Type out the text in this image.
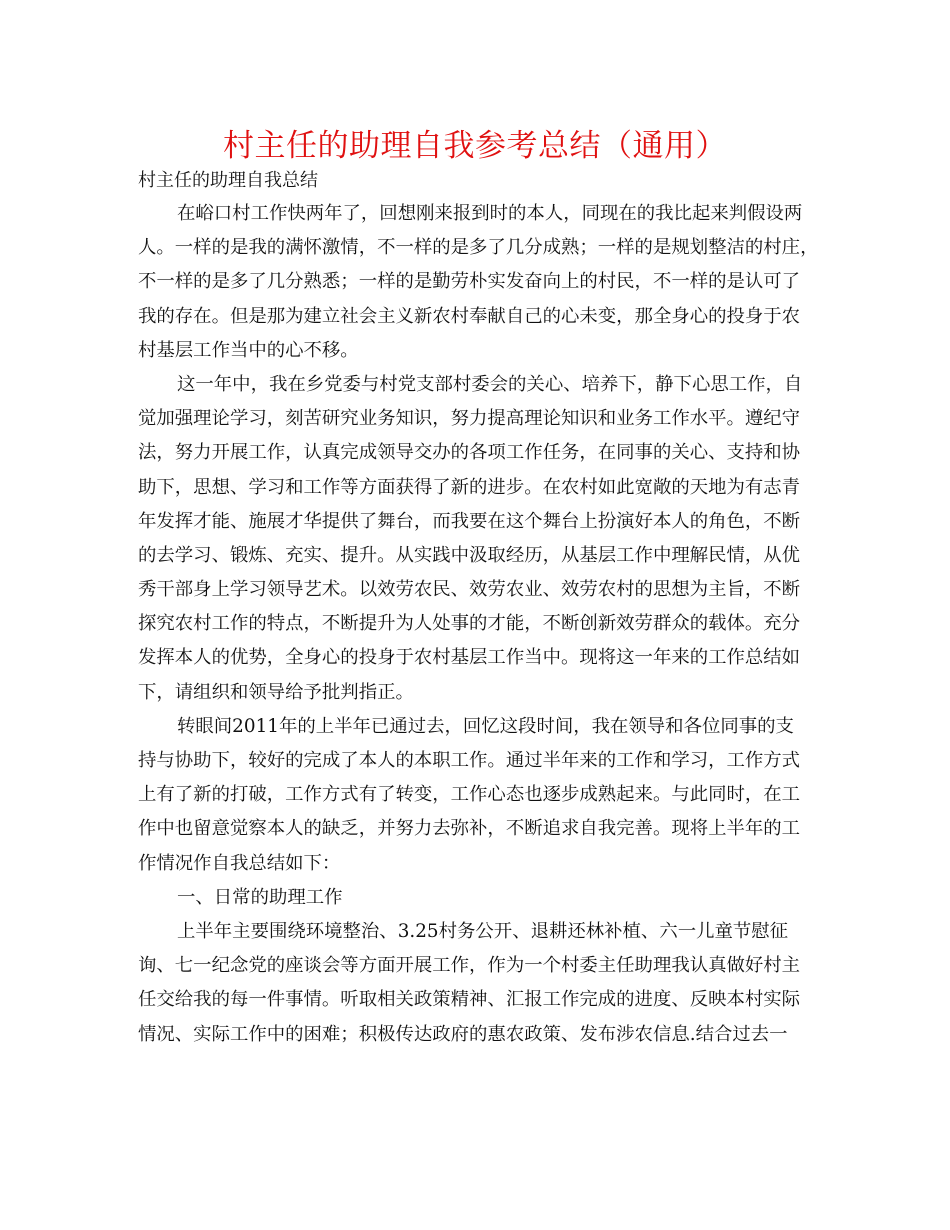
村主任的助理自我参考总结（通用）

村主任的助理自我总结

在峪口村工作快两年了，回想刚来报到时的本人，同现在的我比起来判假设两
人。一样的是我的满怀激情，不一样的是多了几分成熟；一样的是规划整洁的村庄，
不一样的是多了几分熟悉；一样的是勤劳朴实发奋向上的村民，不一样的是认可了
我的存在。但是那为建立社会主义新农村奉献自己的心未变，那全身心的投身于农
村基层工作当中的心不移。

这一年中，我在乡党委与村党支部村委会的关心、培养下，静下心思工作，自
觉加强理论学习，刻苦研究业务知识，努力提高理论知识和业务工作水平。遵纪守
法，努力开展工作，认真完成领导交办的各项工作任务，在同事的关心、支持和协
助下，思想、学习和工作等方面获得了新的进步。在农村如此宽敞的天地为有志青
年发挥才能、施展才华提供了舞台，而我要在这个舞台上扮演好本人的角色，不断
的去学习、锻炼、充实、提升。从实践中汲取经历，从基层工作中理解民情，从优
秀干部身上学习领导艺术。以效劳农民、效劳农业、效劳农村的思想为主旨，不断
探究农村工作的特点，不断提升为人处事的才能，不断创新效劳群众的载体。充分
发挥本人的优势，全身心的投身于农村基层工作当中。现将这一年来的工作总结如
下，请组织和领导给予批判指正。

转眼间2011年的上半年已通过去，回忆这段时间，我在领导和各位同事的支
持与协助下，较好的完成了本人的本职工作。通过半年来的工作和学习，工作方式
上有了新的打破，工作方式有了转变，工作心态也逐步成熟起来。与此同时，在工
作中也留意觉察本人的缺乏，并努力去弥补，不断追求自我完善。现将上半年的工
作情况作自我总结如下：

一、日常的助理工作

上半年主要围绕环境整治、3.25村务公开、退耕还林补植、六一儿童节慰征
询、七一纪念党的座谈会等方面开展工作，作为一个村委主任助理我认真做好村主
任交给我的每一件事情。听取相关政策精神、汇报工作完成的进度、反映本村实际
情况、实际工作中的困难；积极传达政府的惠农政策、发布涉农信息.结合过去一
